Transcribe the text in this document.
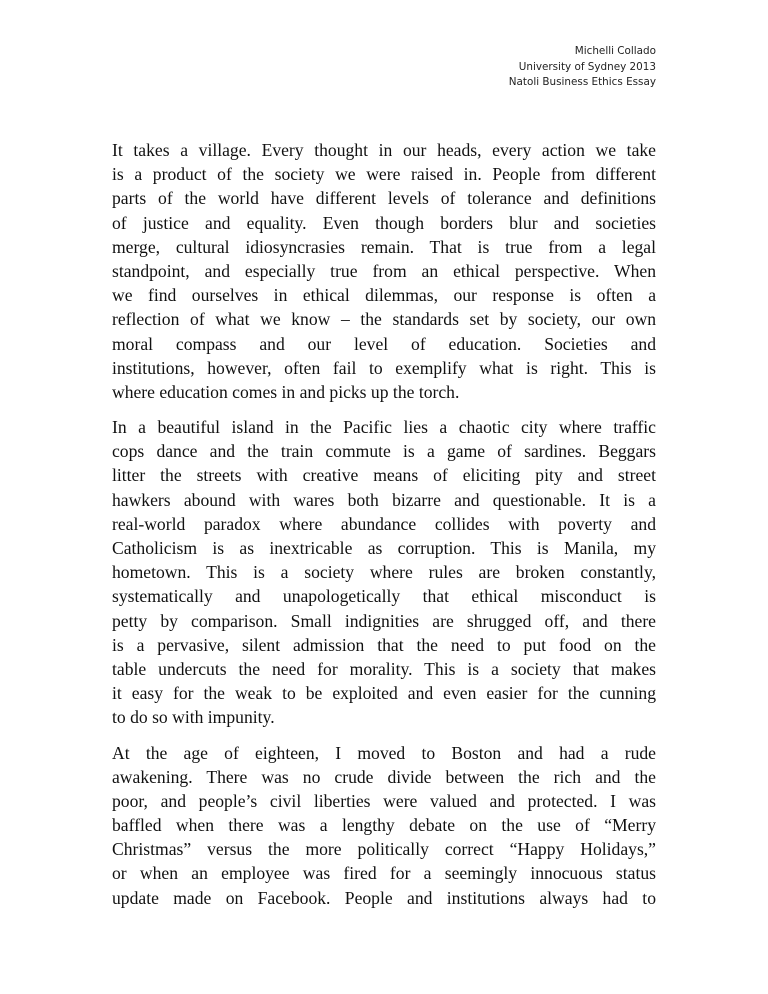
Michelli Collado
University of Sydney 2013
Natoli Business Ethics Essay
It takes a village. Every thought in our heads, every action we take
is a product of the society we were raised in. People from different
parts of the world have different levels of tolerance and definitions
of justice and equality. Even though borders blur and societies
merge, cultural idiosyncrasies remain. That is true from a legal
standpoint, and especially true from an ethical perspective. When
we find ourselves in ethical dilemmas, our response is often a
reflection of what we know – the standards set by society, our own
moral compass and our level of education. Societies and
institutions, however, often fail to exemplify what is right. This is
where education comes in and picks up the torch.
In a beautiful island in the Pacific lies a chaotic city where traffic
cops dance and the train commute is a game of sardines. Beggars
litter the streets with creative means of eliciting pity and street
hawkers abound with wares both bizarre and questionable. It is a
real-world paradox where abundance collides with poverty and
Catholicism is as inextricable as corruption. This is Manila, my
hometown. This is a society where rules are broken constantly,
systematically and unapologetically that ethical misconduct is
petty by comparison. Small indignities are shrugged off, and there
is a pervasive, silent admission that the need to put food on the
table undercuts the need for morality. This is a society that makes
it easy for the weak to be exploited and even easier for the cunning
to do so with impunity.
At the age of eighteen, I moved to Boston and had a rude
awakening. There was no crude divide between the rich and the
poor, and people’s civil liberties were valued and protected. I was
baffled when there was a lengthy debate on the use of “Merry
Christmas” versus the more politically correct “Happy Holidays,”
or when an employee was fired for a seemingly innocuous status
update made on Facebook. People and institutions always had to
